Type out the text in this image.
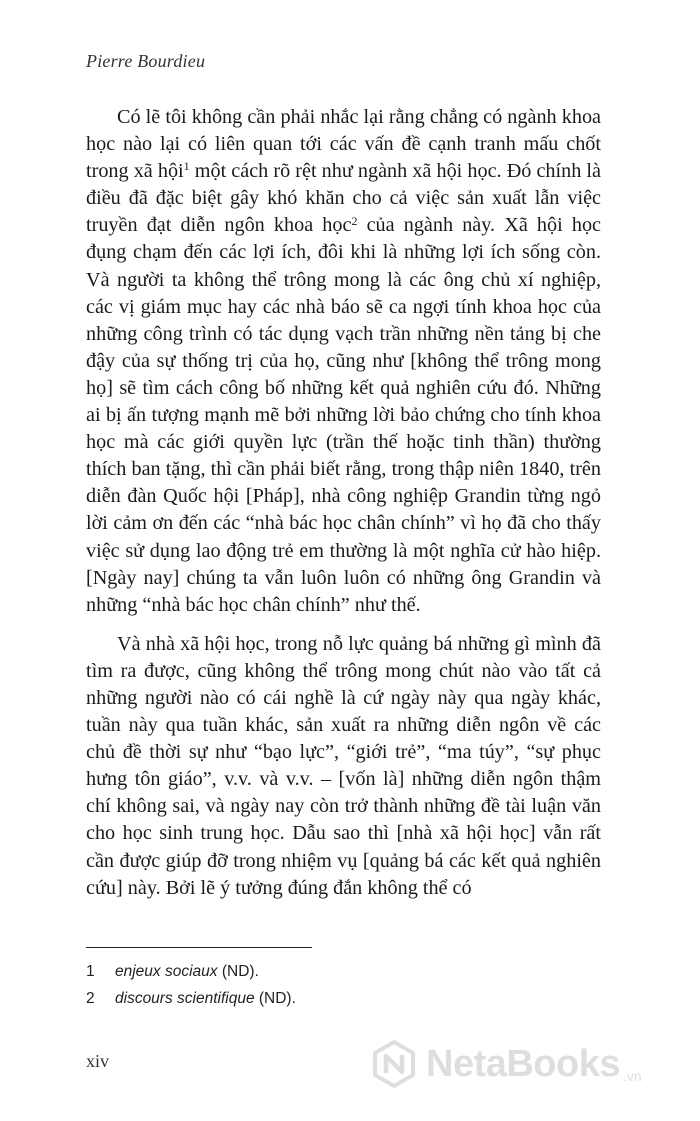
Pierre Bourdieu

Có lẽ tôi không cần phải nhắc lại rằng chẳng có ngành khoa học nào lại có liên quan tới các vấn đề cạnh tranh mấu chốt trong xã hội$^1$ một cách rõ rệt như ngành xã hội học. Đó chính là điều đã đặc biệt gây khó khăn cho cả việc sản xuất lẫn việc truyền đạt diễn ngôn khoa học$^2$ của ngành này. Xã hội học đụng chạm đến các lợi ích, đôi khi là những lợi ích sống còn. Và người ta không thể trông mong là các ông chủ xí nghiệp, các vị giám mục hay các nhà báo sẽ ca ngợi tính khoa học của những công trình có tác dụng vạch trần những nền tảng bị che đậy của sự thống trị của họ, cũng như [không thể trông mong họ] sẽ tìm cách công bố những kết quả nghiên cứu đó. Những ai bị ấn tượng mạnh mẽ bởi những lời bảo chứng cho tính khoa học mà các giới quyền lực (trần thế hoặc tinh thần) thường thích ban tặng, thì cần phải biết rằng, trong thập niên 1840, trên diễn đàn Quốc hội [Pháp], nhà công nghiệp Grandin từng ngỏ lời cảm ơn đến các “nhà bác học chân chính” vì họ đã cho thấy việc sử dụng lao động trẻ em thường là một nghĩa cử hào hiệp. [Ngày nay] chúng ta vẫn luôn luôn có những ông Grandin và những “nhà bác học chân chính” như thế.

Và nhà xã hội học, trong nỗ lực quảng bá những gì mình đã tìm ra được, cũng không thể trông mong chút nào vào tất cả những người nào có cái nghề là cứ ngày này qua ngày khác, tuần này qua tuần khác, sản xuất ra những diễn ngôn về các chủ đề thời sự như “bạo lực”, “giới trẻ”, “ma túy”, “sự phục hưng tôn giáo”, v.v. và v.v. – [vốn là] những diễn ngôn thậm chí không sai, và ngày nay còn trở thành những đề tài luận văn cho học sinh trung học. Dẫu sao thì [nhà xã hội học] vẫn rất cần được giúp đỡ trong nhiệm vụ [quảng bá các kết quả nghiên cứu] này. Bởi lẽ ý tưởng đúng đắn không thể có

1	enjeux sociaux (ND).
2	discours scientifique (ND).
xiv	NetaBooks .vn
